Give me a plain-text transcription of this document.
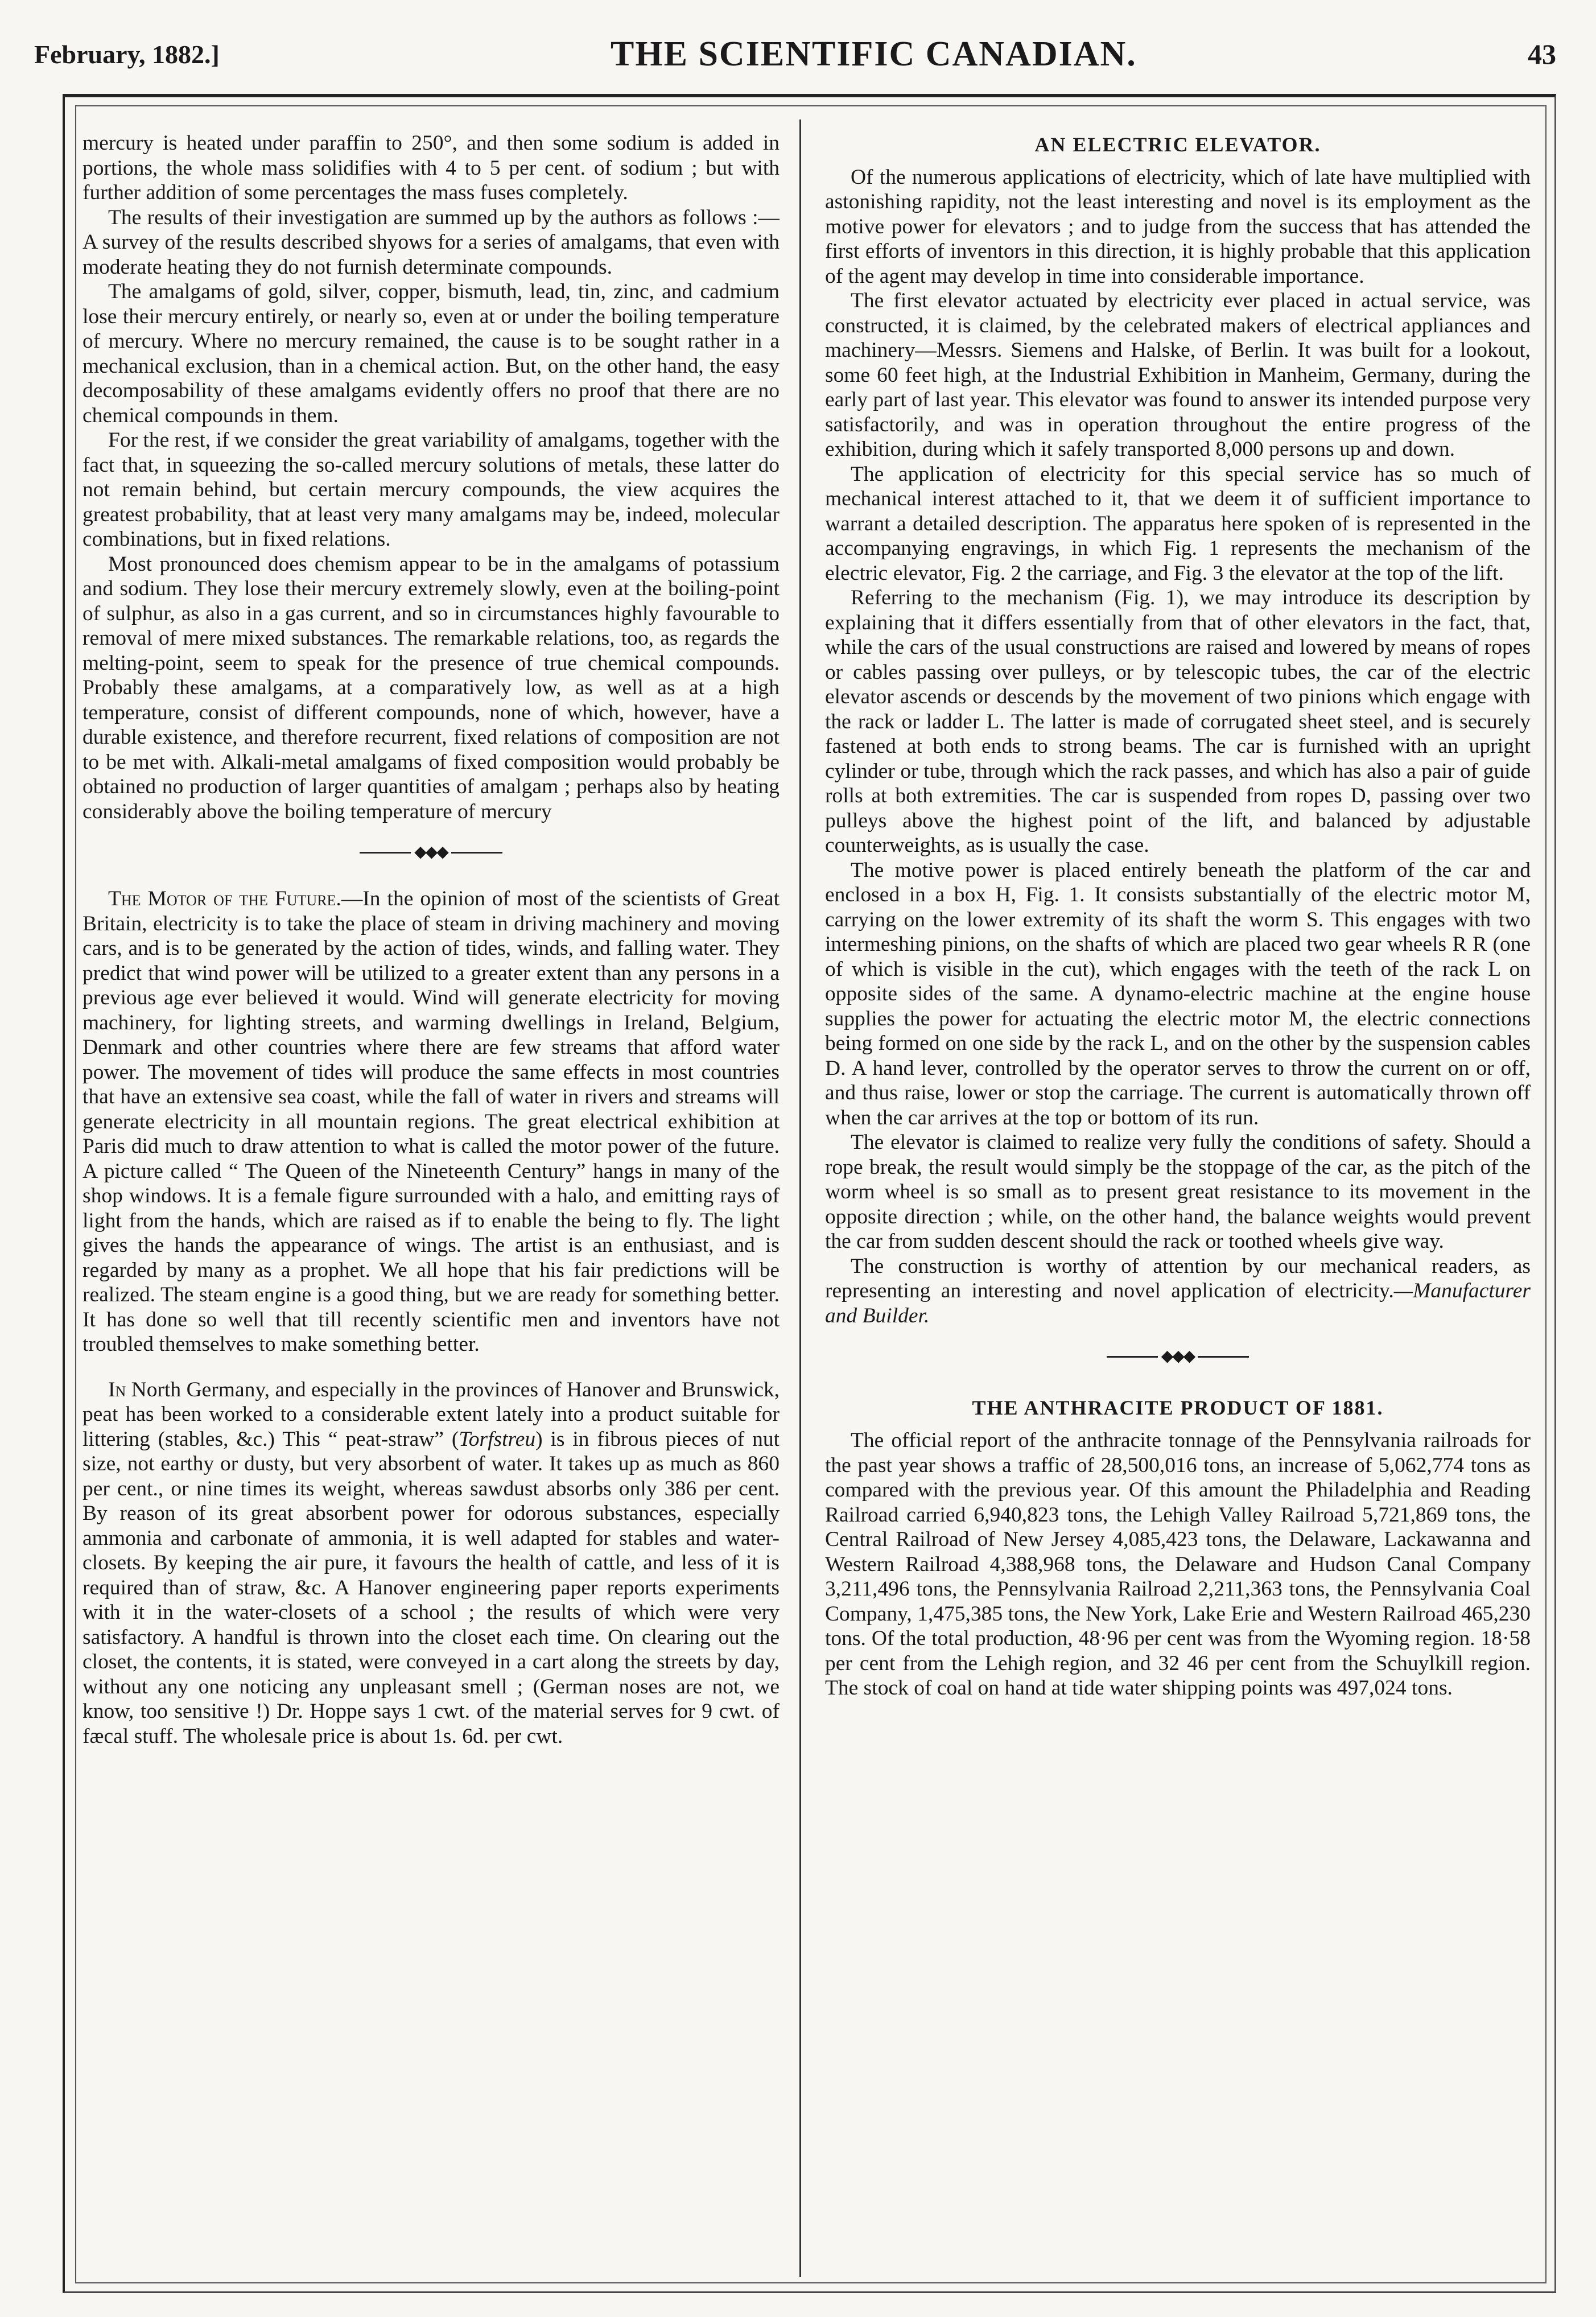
February, 1882.]	THE SCIENTIFIC CANADIAN.	43

mercury is heated under paraffin to 250°, and then some sodium is added in portions, the whole mass solidifies with 4 to 5 per cent. of sodium ; but with further addition of some percentages the mass fuses completely.

The results of their investigation are summed up by the authors as follows :—A survey of the results described shyows for a series of amalgams, that even with moderate heating they do not furnish determinate compounds.

The amalgams of gold, silver, copper, bismuth, lead, tin, zinc, and cadmium lose their mercury entirely, or nearly so, even at or under the boiling temperature of mercury. Where no mercury remained, the cause is to be sought rather in a mechanical exclusion, than in a chemical action. But, on the other hand, the easy decomposability of these amalgams evidently offers no proof that there are no chemical compounds in them.

For the rest, if we consider the great variability of amalgams, together with the fact that, in squeezing the so-called mercury solutions of metals, these latter do not remain behind, but certain mercury compounds, the view acquires the greatest probability, that at least very many amalgams may be, indeed, molecular combinations, but in fixed relations.

Most pronounced does chemism appear to be in the amalgams of potassium and sodium. They lose their mercury extremely slowly, even at the boiling-point of sulphur, as also in a gas current, and so in circumstances highly favourable to removal of mere mixed substances. The remarkable relations, too, as regards the melting-point, seem to speak for the presence of true chemical compounds. Probably these amalgams, at a comparatively low, as well as at a high temperature, consist of different compounds, none of which, however, have a durable existence, and therefore recurrent, fixed relations of composition are not to be met with. Alkali-metal amalgams of fixed composition would probably be obtained no production of larger quantities of amalgam ; perhaps also by heating considerably above the boiling temperature of mercury

◆◆◆

The Motor of the Future.—In the opinion of most of the scientists of Great Britain, electricity is to take the place of steam in driving machinery and moving cars, and is to be generated by the action of tides, winds, and falling water. They predict that wind power will be utilized to a greater extent than any persons in a previous age ever believed it would. Wind will generate electricity for moving machinery, for lighting streets, and warming dwellings in Ireland, Belgium, Denmark and other countries where there are few streams that afford water power. The movement of tides will produce the same effects in most countries that have an extensive sea coast, while the fall of water in rivers and streams will generate electricity in all mountain regions. The great electrical exhibition at Paris did much to draw attention to what is called the motor power of the future. A picture called “ The Queen of the Nineteenth Century” hangs in many of the shop windows. It is a female figure surrounded with a halo, and emitting rays of light from the hands, which are raised as if to enable the being to fly. The light gives the hands the appearance of wings. The artist is an enthusiast, and is regarded by many as a prophet. We all hope that his fair predictions will be realized. The steam engine is a good thing, but we are ready for something better. It has done so well that till recently scientific men and inventors have not troubled themselves to make something better.

In North Germany, and especially in the provinces of Hanover and Brunswick, peat has been worked to a considerable extent lately into a product suitable for littering (stables, &c.) This “ peat-straw” (Torfstreu) is in fibrous pieces of nut size, not earthy or dusty, but very absorbent of water. It takes up as much as 860 per cent., or nine times its weight, whereas sawdust absorbs only 386 per cent. By reason of its great absorbent power for odorous substances, especially ammonia and carbonate of ammonia, it is well adapted for stables and water-closets. By keeping the air pure, it favours the health of cattle, and less of it is required than of straw, &c. A Hanover engineering paper reports experiments with it in the water-closets of a school ; the results of which were very satisfactory. A handful is thrown into the closet each time. On clearing out the closet, the contents, it is stated, were conveyed in a cart along the streets by day, without any one noticing any unpleasant smell ; (German noses are not, we know, too sensitive !) Dr. Hoppe says 1 cwt. of the material serves for 9 cwt. of fæcal stuff. The wholesale price is about 1s. 6d. per cwt.

AN ELECTRIC ELEVATOR.

Of the numerous applications of electricity, which of late have multiplied with astonishing rapidity, not the least interesting and novel is its employment as the motive power for elevators ; and to judge from the success that has attended the first efforts of inventors in this direction, it is highly probable that this application of the agent may develop in time into considerable importance.

The first elevator actuated by electricity ever placed in actual service, was constructed, it is claimed, by the celebrated makers of electrical appliances and machinery—Messrs. Siemens and Halske, of Berlin. It was built for a lookout, some 60 feet high, at the Industrial Exhibition in Manheim, Germany, during the early part of last year. This elevator was found to answer its intended purpose very satisfactorily, and was in operation throughout the entire progress of the exhibition, during which it safely transported 8,000 persons up and down.

The application of electricity for this special service has so much of mechanical interest attached to it, that we deem it of sufficient importance to warrant a detailed description. The apparatus here spoken of is represented in the accompanying engravings, in which Fig. 1 represents the mechanism of the electric elevator, Fig. 2 the carriage, and Fig. 3 the elevator at the top of the lift.

Referring to the mechanism (Fig. 1), we may introduce its description by explaining that it differs essentially from that of other elevators in the fact, that, while the cars of the usual constructions are raised and lowered by means of ropes or cables passing over pulleys, or by telescopic tubes, the car of the electric elevator ascends or descends by the movement of two pinions which engage with the rack or ladder L. The latter is made of corrugated sheet steel, and is securely fastened at both ends to strong beams. The car is furnished with an upright cylinder or tube, through which the rack passes, and which has also a pair of guide rolls at both extremities. The car is suspended from ropes D, passing over two pulleys above the highest point of the lift, and balanced by adjustable counterweights, as is usually the case.

The motive power is placed entirely beneath the platform of the car and enclosed in a box H, Fig. 1. It consists substantially of the electric motor M, carrying on the lower extremity of its shaft the worm S. This engages with two intermeshing pinions, on the shafts of which are placed two gear wheels R R (one of which is visible in the cut), which engages with the teeth of the rack L on opposite sides of the same. A dynamo-electric machine at the engine house supplies the power for actuating the electric motor M, the electric connections being formed on one side by the rack L, and on the other by the suspension cables D. A hand lever, controlled by the operator serves to throw the current on or off, and thus raise, lower or stop the carriage. The current is automatically thrown off when the car arrives at the top or bottom of its run.

The elevator is claimed to realize very fully the conditions of safety. Should a rope break, the result would simply be the stoppage of the car, as the pitch of the worm wheel is so small as to present great resistance to its movement in the opposite direction ; while, on the other hand, the balance weights would prevent the car from sudden descent should the rack or toothed wheels give way.

The construction is worthy of attention by our mechanical readers, as representing an interesting and novel application of electricity.—Manufacturer and Builder.

◆◆◆
THE ANTHRACITE PRODUCT OF 1881.

The official report of the anthracite tonnage of the Pennsylvania railroads for the past year shows a traffic of 28,500,016 tons, an increase of 5,062,774 tons as compared with the previous year. Of this amount the Philadelphia and Reading Railroad carried 6,940,823 tons, the Lehigh Valley Railroad 5,721,869 tons, the Central Railroad of New Jersey 4,085,423 tons, the Delaware, Lackawanna and Western Railroad 4,388,968 tons, the Delaware and Hudson Canal Company 3,211,496 tons, the Pennsylvania Railroad 2,211,363 tons, the Pennsylvania Coal Company, 1,475,385 tons, the New York, Lake Erie and Western Railroad 465,230 tons. Of the total production, 48·96 per cent was from the Wyoming region. 18·58 per cent from the Lehigh region, and 32 46 per cent from the Schuylkill region. The stock of coal on hand at tide water shipping points was 497,024 tons.
